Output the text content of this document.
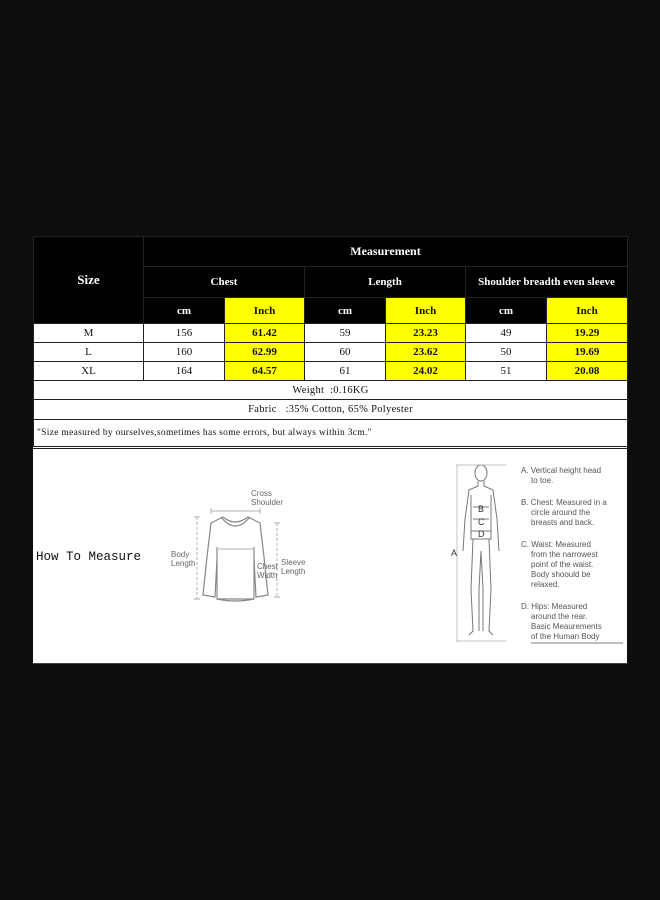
Size	Measurement					
	Chest		Length		Shoulder breadth even sleeve	
	cm	Inch	cm	Inch	cm	Inch
M	156	61.42	59	23.23	49	19.29
L	160	62.99	60	23.62	50	19.69
XL	164	64.57	61	24.02	51	20.08
Weight  :0.16KG						
Fabric   :35% Cotton, 65% Polyester						
"Size measured by ourselves,sometimes has some errors, but always within 3cm."						
How To Measure
Cross
Shoulder
Body
Length	Chest
Width
Sleeve
Length
A
B
C
D
A. Vertical height head
to toe.
B. Chest: Measured in a
circle around the
breasts and back.
C. Waist: Measured
from the narrowest
point of the waist.
Body shoould be
relaxed.
D. Hips: Measured
around the rear.
Basic Meaurements
of the Human Body
